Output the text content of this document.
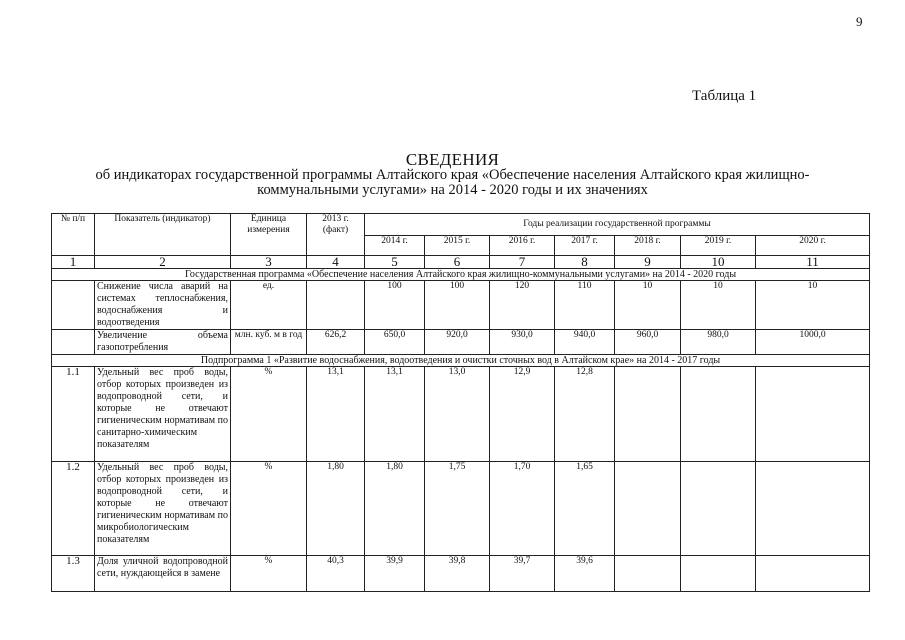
9
Таблица 1
СВЕДЕНИЯ
об индикаторах государственной программы Алтайского края «Обеспечение населения Алтайского края жилищно-
коммунальными услугами» на 2014 - 2020 годы и их значениях
№ п/п	Показатель (индикатор)	Единица измерения	2013 г. (факт)	Годы реализации государственной программы						
				2014 г.	2015 г.	2016 г.	2017 г.	2018 г.	2019 г.	2020 г.
1	2	3	4	5	6	7	8	9	10	11
Государственная программа «Обеспечение населения Алтайского края жилищно-коммунальными услугами» на 2014 - 2020 годы										
	Снижение числа аварий на системах теплоснабжения, водоснабжения и водоотведения	ед.		100	100	120	110	10	10	10
	Увеличение объема газопотребления	млн. куб. м в год	626,2	650,0	920,0	930,0	940,0	960,0	980,0	1000,0
Подпрограмма 1 «Развитие водоснабжения, водоотведения и очистки сточных вод в Алтайском крае» на 2014 - 2017 годы										
1.1	Удельный вес проб воды, отбор которых произведен из водопроводной сети, и которые не отвечают гигиеническим нормативам по санитарно-химическим показателям	%	13,1	13,1	13,0	12,9	12,8			
1.2	Удельный вес проб воды, отбор которых произведен из водопроводной сети, и которые не отвечают гигиеническим нормативам по микробиологическим показателям	%	1,80	1,80	1,75	1,70	1,65			
1.3	Доля уличной водопроводной сети, нуждающейся в замене	%	40,3	39,9	39,8	39,7	39,6			
